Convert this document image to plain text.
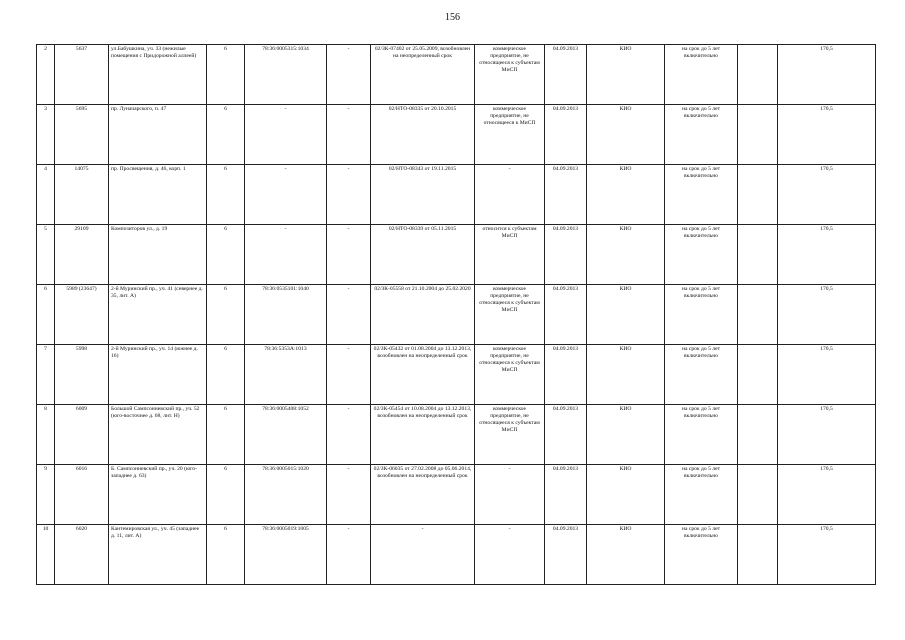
156
2	5637	ул.Бабушкина, уч. 33 (нежилые помещения с Придорожной аллеей)	6	78:36:0005315:1034	-	02/ЗК-07402 от 25.05.2009, возобновлен на неопределенный срок	коммерческое предприятие, не относящееся к субъектам МиСП	04.09.2013	КИО	на срок до 5 лет включительно		170,5
3	5695	пр. Луначарского, п. 47	6	-	-	02/НТО-08335 от 20.10.2015	коммерческое предприятие, не относящееся к МиСП	04.09.2013	КИО	на срок до 5 лет включительно		170,5
4	14075	пр. Просвещения, д. 46, корп. 1	6	-	-	02/НТО-08343 от 19.11.2015	-	04.09.2013	КИО	на срок до 5 лет включительно		170,5
5	29109	Композиторов ул., д. 19	6	-	-	02/НТО-08339 от 05.11.2015	относится к субъектам МиСП	04.09.2013	КИО	на срок до 5 лет включительно		170,5
6	5989 (23647)	2-й Муринский пр., уч. 41 (севернее д. 35, лит. А)	6	78:36:0535101:1040	-	02/ЗК-05558 от 21.10.2004 до 25.02.2020	коммерческое предприятие, не относящееся к субъектам МиСП	04.09.2013	КИО	на срок до 5 лет включительно		170,5
7	5998	2-й Муринский пр., уч. 14 (южнее д. 16)	6	78:36:5353А:1013	-	02/ЗК-05432 от 01.08.2004 до 13.12.2013, возобновлен на неопределенный срок	коммерческое предприятие, не относящееся к субъектам МиСП	04.09.2013	КИО	на срок до 5 лет включительно		170,5
8	6009	Большой Сампсониевский пр., уч. 52 (юго-восточнее д. 68, лит. Н)	6	78:36:0005408:1052	-	02/ЗК-05454 от 10.08.2004 до 13.12.2013, возобновлен на неопределенный срок	коммерческое предприятие, не относящееся к субъектам МиСП	04.09.2013	КИО	на срок до 5 лет включительно		170,5
9	6016	Б. Сампсониевский пр., уч. 20 (юго-западнее д. 63)	6	78:36:0005015:1020	-	02/ЗК-06035 от 27.02.2008 до 05.06.2014, возобновлен на неопределенный срок	-	04.09.2013	КИО	на срок до 5 лет включительно		170,5
10	6020	Кантемировская ул., уч. 45 (западнее д. 11, лит. А)	6	78:36:0005019:1005	-	-	-	04.09.2013	КИО	на срок до 5 лет включительно		170,5
